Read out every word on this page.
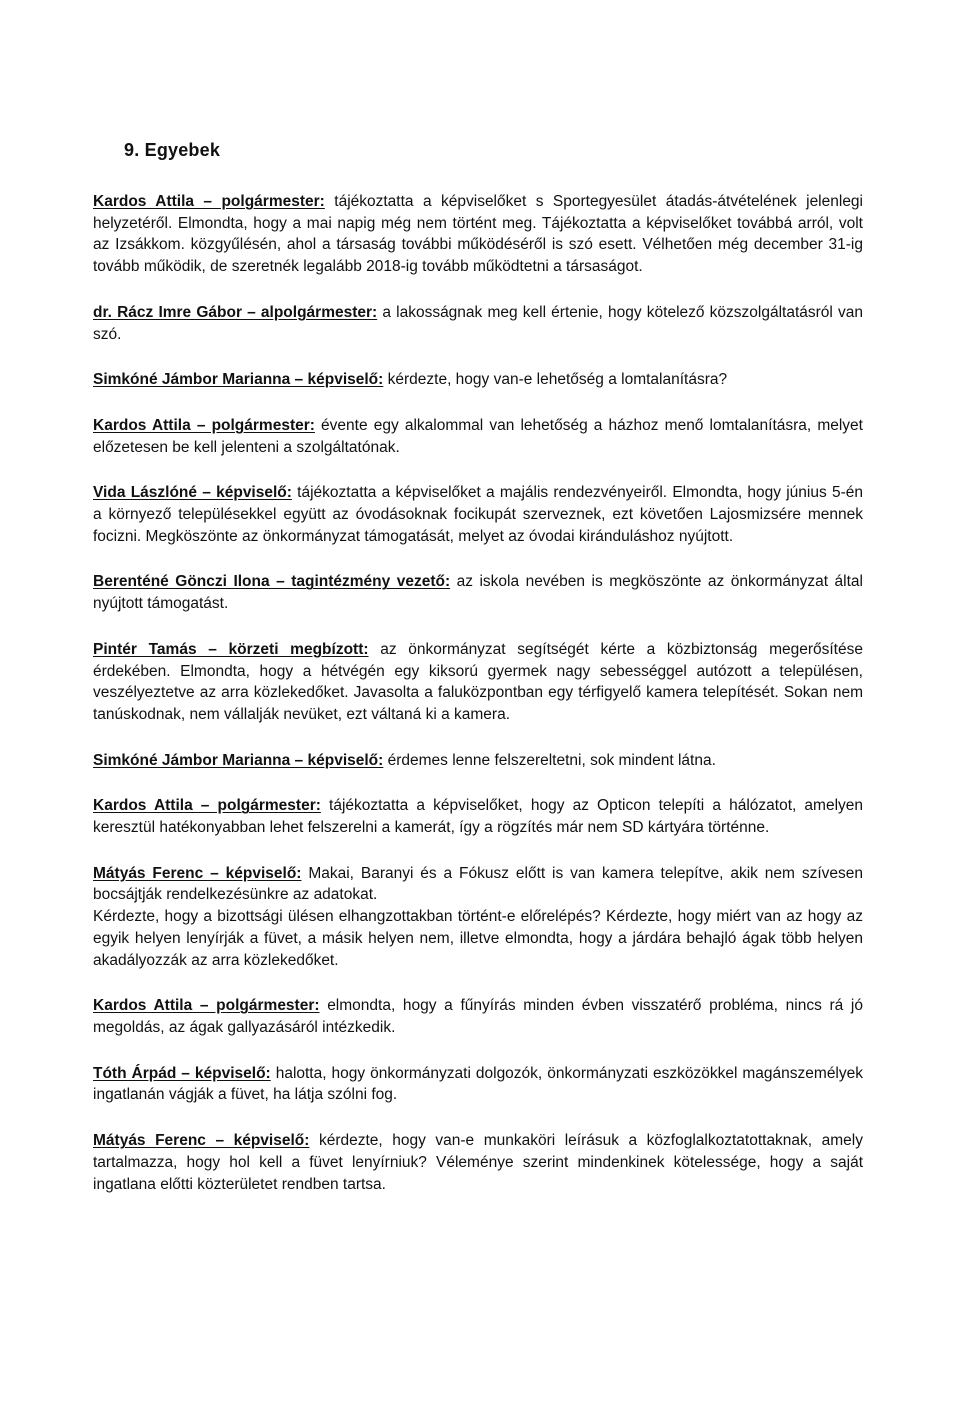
9. Egyebek
Kardos Attila – polgármester: tájékoztatta a képviselőket s Sportegyesület átadás-átvételének jelenlegi helyzetéről. Elmondta, hogy a mai napig még nem történt meg. Tájékoztatta a képviselőket továbbá arról, volt az Izsákkom. közgyűlésén, ahol a társaság további működéséről is szó esett. Vélhetően még december 31-ig tovább működik, de szeretnék legalább 2018-ig tovább működtetni a társaságot.
dr. Rácz Imre Gábor – alpolgármester: a lakosságnak meg kell értenie, hogy kötelező közszolgáltatásról van szó.
Simkóné Jámbor Marianna – képviselő: kérdezte, hogy van-e lehetőség a lomtalanításra?
Kardos Attila – polgármester: évente egy alkalommal van lehetőség a házhoz menő lomtalanításra, melyet előzetesen be kell jelenteni a szolgáltatónak.
Vida Lászlóné – képviselő: tájékoztatta a képviselőket a majális rendezvényeiről. Elmondta, hogy június 5-én a környező településekkel együtt az óvodásoknak focikupát szerveznek, ezt követően Lajosmizsére mennek focizni. Megköszönte az önkormányzat támogatását, melyet az óvodai kiránduláshoz nyújtott.
Berenténé Gönczi Ilona – tagintézmény vezető: az iskola nevében is megköszönte az önkormányzat által nyújtott támogatást.
Pintér Tamás – körzeti megbízott: az önkormányzat segítségét kérte a közbiztonság megerősítése érdekében. Elmondta, hogy a hétvégén egy kiksorú gyermek nagy sebességgel autózott a településen, veszélyeztetve az arra közlekedőket. Javasolta a faluközpontban egy térfigyelő kamera telepítését. Sokan nem tanúskodnak, nem vállalják nevüket, ezt váltaná ki a kamera.
Simkóné Jámbor Marianna – képviselő: érdemes lenne felszereltetni, sok mindent látna.
Kardos Attila – polgármester: tájékoztatta a képviselőket, hogy az Opticon telepíti a hálózatot, amelyen keresztül hatékonyabban lehet felszerelni a kamerát, így a rögzítés már nem SD kártyára történne.
Mátyás Ferenc – képviselő: Makai, Baranyi és a Fókusz előtt is van kamera telepítve, akik nem szívesen bocsájtják rendelkezésünkre az adatokat.
Kérdezte, hogy a bizottsági ülésen elhangzottakban történt-e előrelépés? Kérdezte, hogy miért van az hogy az egyik helyen lenyírják a füvet, a másik helyen nem, illetve elmondta, hogy a járdára behajló ágak több helyen akadályozzák az arra közlekedőket.
Kardos Attila – polgármester: elmondta, hogy a fűnyírás minden évben visszatérő probléma, nincs rá jó megoldás, az ágak gallyazásáról intézkedik.
Tóth Árpád – képviselő: halotta, hogy önkormányzati dolgozók, önkormányzati eszközökkel magánszemélyek ingatlanán vágják a füvet, ha látja szólni fog.
Mátyás Ferenc – képviselő: kérdezte, hogy van-e munkaköri leírásuk a közfoglalkoztatottaknak, amely tartalmazza, hogy hol kell a füvet lenyírniuk? Véleménye szerint mindenkinek kötelessége, hogy a saját ingatlana előtti közterületet rendben tartsa.
